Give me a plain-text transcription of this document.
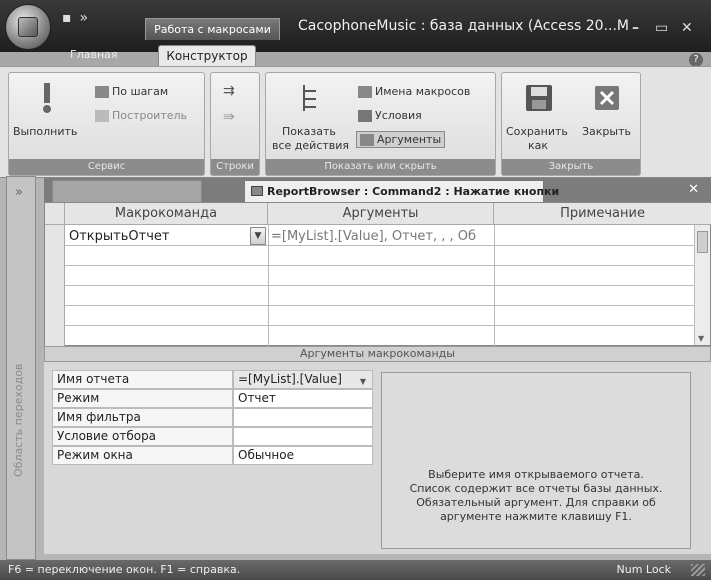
▪ »
Работа с макросами	CacophoneMusic : база данных (Access 20...M – ▭ ✕
Главная	Конструктор	?
Выполнить
По шагам
Построитель
Сервис
⇉
⇛
Строки
Показать
все действия
Имена макросов
Условия
Аргументы
Показать или скрыть
Сохранить
как
Закрыть
Закрыть
»
Область переходов
ReportBrowser : Command2 : Нажатие кнопки	✕
Макрокоманда	Аргументы	Примечание
ОткрытьОтчет	▼ =[MyList].[Value], Отчет, , , Об
▼
Аргументы макрокоманды
Имя отчета	=[MyList].[Value]	▼
Режим	Отчет
Имя фильтра
Условие отбора
Режим окна	Обычное
Выберите имя открываемого отчета. Список содержит все отчеты базы данных. Обязательный аргумент. Для справки об аргументе нажмите клавишу F1.
F6 = переключение окон. F1 = справка.	Num Lock
